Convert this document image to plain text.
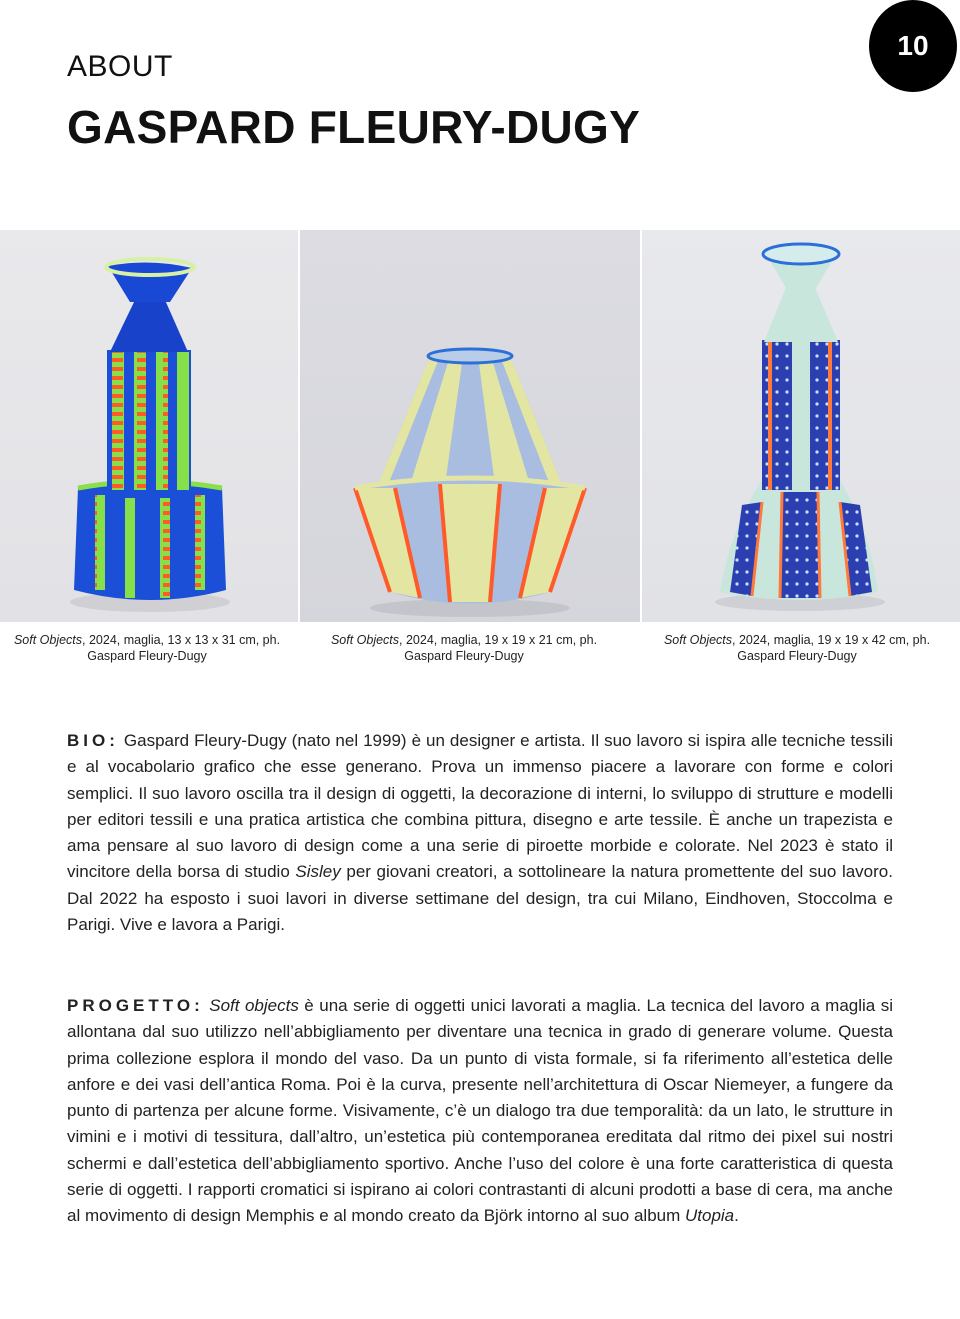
ABOUT
GASPARD FLEURY-DUGY
10
Soft Objects, 2024, maglia, 13 x 13 x 31 cm, ph. Gaspard Fleury-Dugy
Soft Objects, 2024, maglia, 19 x 19 x 21 cm, ph. Gaspard Fleury-Dugy
Soft Objects, 2024, maglia, 19 x 19 x 42 cm, ph. Gaspard Fleury-Dugy
BIO: Gaspard Fleury-Dugy (nato nel 1999) è un designer e artista. Il suo lavoro si ispira alle tecniche tessili e al vocabolario grafico che esse generano. Prova un immenso piacere a lavorare con forme e colori semplici. Il suo lavoro oscilla tra il design di oggetti, la decorazione di interni, lo sviluppo di strutture e modelli per editori tessili e una pratica artistica che combina pittura, disegno e arte tessile. È anche un trapezista e ama pensare al suo lavoro di design come a una serie di piroette morbide e colorate. Nel 2023 è stato il vincitore della borsa di studio Sisley per giovani creatori, a sottolineare la natura promettente del suo lavoro. Dal 2022 ha esposto i suoi lavori in diverse settimane del design, tra cui Milano, Eindhoven, Stoccolma e Parigi. Vive e lavora a Parigi.
PROGETTO: Soft objects è una serie di oggetti unici lavorati a maglia. La tecnica del lavoro a maglia si allontana dal suo utilizzo nell’abbigliamento per diventare una tecnica in grado di generare volume. Questa prima collezione esplora il mondo del vaso. Da un punto di vista formale, si fa riferimento all’estetica delle anfore e dei vasi dell’antica Roma. Poi è la curva, presente nell’architettura di Oscar Niemeyer, a fungere da punto di partenza per alcune forme. Visivamente, c’è un dialogo tra due temporalità: da un lato, le strutture in vimini e i motivi di tessitura, dall’altro, un’estetica più contemporanea ereditata dal ritmo dei pixel sui nostri schermi e dall’estetica dell’abbigliamento sportivo. Anche l’uso del colore è una forte caratteristica di questa serie di oggetti. I rapporti cromatici si ispirano ai colori contrastanti di alcuni prodotti a base di cera, ma anche al movimento di design Memphis e al mondo creato da Björk intorno al suo album Utopia.
